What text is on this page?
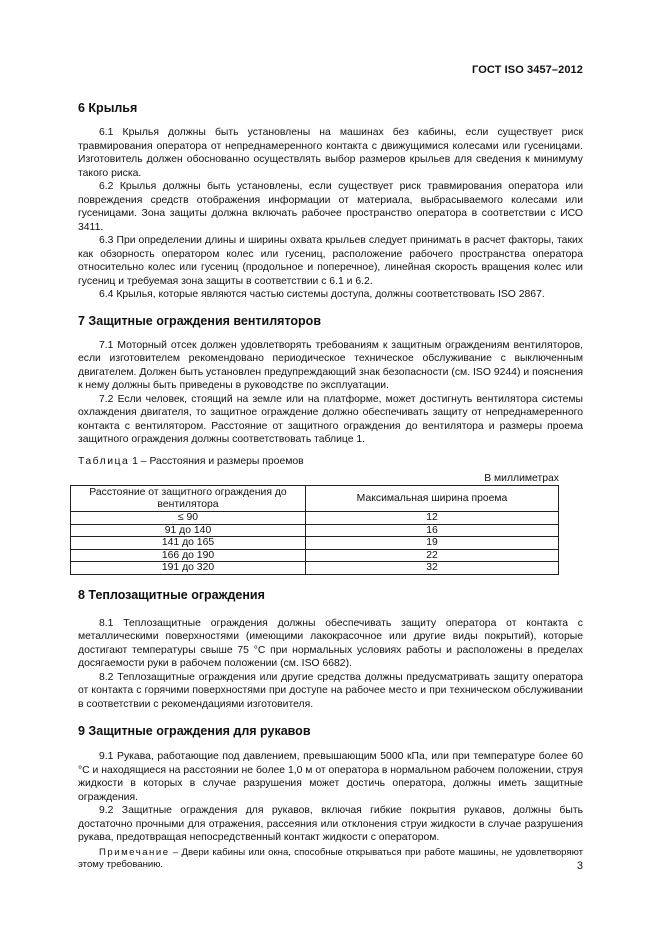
ГОСТ ISO 3457–2012
6 Крылья

6.1 Крылья должны быть установлены на машинах без кабины, если существует риск травмирования оператора от непреднамеренного контакта с движущимися колесами или гусеницами. Изготовитель должен обоснованно осуществлять выбор размеров крыльев для сведения к минимуму такого риска.

6.2 Крылья должны быть установлены, если существует риск травмирования оператора или повреждения средств отображения информации от материала, выбрасываемого колесами или гусеницами. Зона защиты должна включать рабочее пространство оператора в соответствии с ИСО 3411.

6.3 При определении длины и ширины охвата крыльев следует принимать в расчет факторы, таких как обзорность оператором колес или гусениц, расположение рабочего пространства оператора относительно колес или гусениц (продольное и поперечное), линейная скорость вращения колес или гусениц и требуемая зона защиты в соответствии с 6.1 и 6.2.

6.4 Крылья, которые являются частью системы доступа, должны соответствовать ISO 2867.

7 Защитные ограждения вентиляторов

7.1 Моторный отсек должен удовлетворять требованиям к защитным ограждениям вентиляторов, если изготовителем рекомендовано периодическое техническое обслуживание с выключенным двигателем. Должен быть установлен предупреждающий знак безопасности (см. ISO 9244) и пояснения к нему должны быть приведены в руководстве по эксплуатации.

7.2 Если человек, стоящий на земле или на платформе, может достигнуть вентилятора системы охлаждения двигателя, то защитное ограждение должно обеспечивать защиту от непреднамеренного контакта с вентилятором. Расстояние от защитного ограждения до вентилятора и размеры проема защитного ограждения должны соответствовать таблице 1.

Таблица 1 – Расстояния и размеры проемов
В миллиметрах
Расстояние от защитного ограждения до вентилятора	Максимальная ширина проема
≤ 90	12
91 до 140	16
141 до 165	19
166 до 190	22
191 до 320	32
8 Теплозащитные ограждения

8.1 Теплозащитные ограждения должны обеспечивать защиту оператора от контакта с металлическими поверхностями (имеющими лакокрасочное или другие виды покрытий), которые достигают температуры свыше 75 °С при нормальных условиях работы и расположены в пределах досягаемости руки в рабочем положении (см. ISO 6682).

8.2 Теплозащитные ограждения или другие средства должны предусматривать защиту оператора от контакта с горячими поверхностями при доступе на рабочее место и при техническом обслуживании в соответствии с рекомендациями изготовителя.

9 Защитные ограждения для рукавов

9.1 Рукава, работающие под давлением, превышающим 5000 кПа, или при температуре более 60 °С и находящиеся на расстоянии не более 1,0 м от оператора в нормальном рабочем положении, струя жидкости в которых в случае разрушения может достичь оператора, должны иметь защитные ограждения.

9.2 Защитные ограждения для рукавов, включая гибкие покрытия рукавов, должны быть достаточно прочными для отражения, рассеяния или отклонения струи жидкости в случае разрушения рукава, предотвращая непосредственный контакт жидкости с оператором.

Примечание – Двери кабины или окна, способные открываться при работе машины, не удовлетворяют этому требованию.	3
